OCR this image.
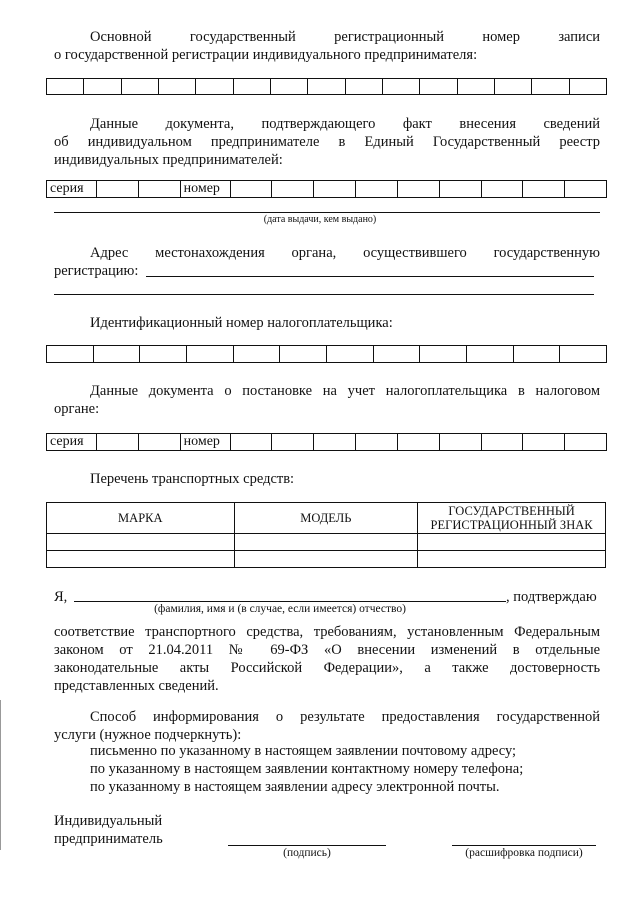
Основной	государственный	регистрационный	номер	записи
о государственной регистрации индивидуального предпринимателя:
Данные документа, подтверждающего факт внесения сведений
об индивидуальном предпринимателе в Единый Государственный реестр
индивидуальных предпринимателей:
серия	номер
(дата выдачи, кем выдано)
Адрес местонахождения органа, осуществившего государственную
регистрацию:
Идентификационный номер налогоплательщика:
Данные документа о постановке на учет налогоплательщика в налоговом
органе:
серия	номер
Перечень транспортных средств:
МАРКА	МОДЕЛЬ	ГОСУДАРСТВЕННЫЙ РЕГИСТРАЦИОННЫЙ ЗНАК

Я,	, подтверждаю
(фамилия, имя и (в случае, если имеется) отчество)
соответствие транспортного средства, требованиям, установленным Федеральным
законом от 21.04.2011 № 69-ФЗ «О внесении изменений в отдельные
законодательные акты Российской Федерации», а также достоверность
представленных сведений.
Способ информирования о результате предоставления государственной
услуги (нужное подчеркнуть):
письменно по указанному в настоящем заявлении почтовому адресу;
по указанному в настоящем заявлении контактному номеру телефона;
по указанному в настоящем заявлении адресу электронной почты.
Индивидуальный
предприниматель
(подпись)	(расшифровка подписи)
